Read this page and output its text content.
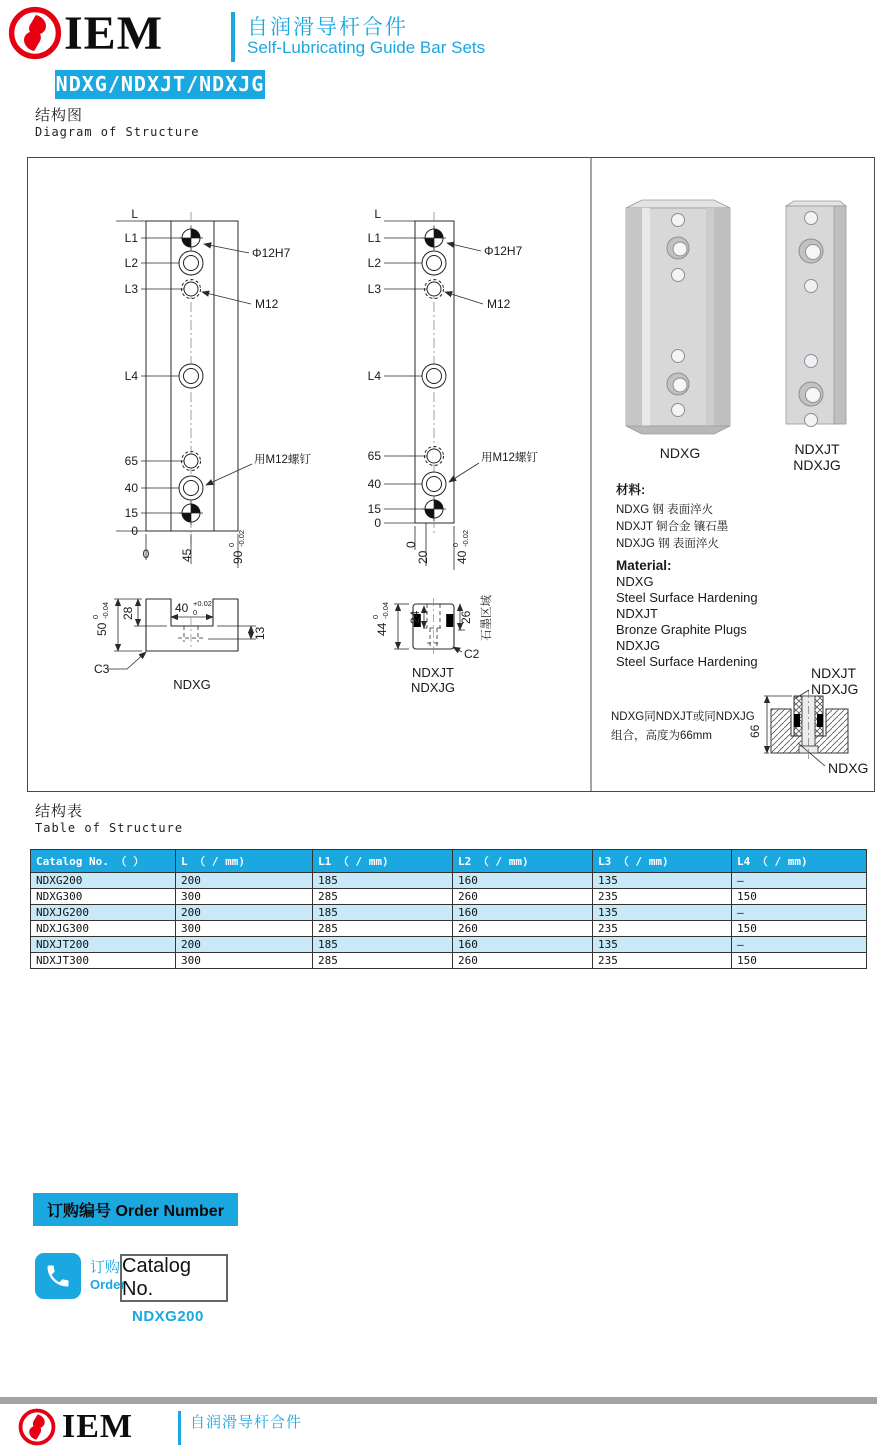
IEM	自润滑导杆合件
Self-Lubricating Guide Bar Sets
NDXG/NDXJT/NDXJG
结构图
Diagram of Structure
L
L1
L2
L3
L4
65
40
15
0
0	45	90
0 -0.02
Φ12H7
M12
用M12螺钉
L
L1
L2
L3
L4
65
40
15
0
0
20 40
0 -0.02
Φ12H7
M12
用M12螺钉
50
0 -0.04 28	40 +0.02
0
13
C3
NDXG
44
0 -0.04 24	26
C2
石墨区域
NDXJT
NDXJG
NDXG	NDXJT
NDXJG
材料:
NDXG 钢 表面淬火
NDXJT 铜合金 镶石墨
NDXJG 钢 表面淬火
Material:
NDXG
Steel Surface Hardening
NDXJT
Bronze Graphite Plugs
NDXJG
Steel Surface Hardening
NDXG同NDXJT或同NDXJG
组合，高度为66mm	66
NDXJT
NDXJG
NDXG
结构表
Table of Structure
Catalog No. （ ）	L （ / mm)	L1 （ / mm)	L2 （ / mm)	L3 （ / mm)	L4 （ / mm)
NDXG200	200	185	160	135	–
NDXG300	300	285	260	235	150
NDXJG200	200	185	160	135	–
NDXJG300	300	285	260	235	150
NDXJT200	200	185	160	135	–
NDXJT300	300	285	260	235	150
订购编号 Order Number
订购
Order
Catalog No.
NDXG200
IEM	自润滑导杆合件
